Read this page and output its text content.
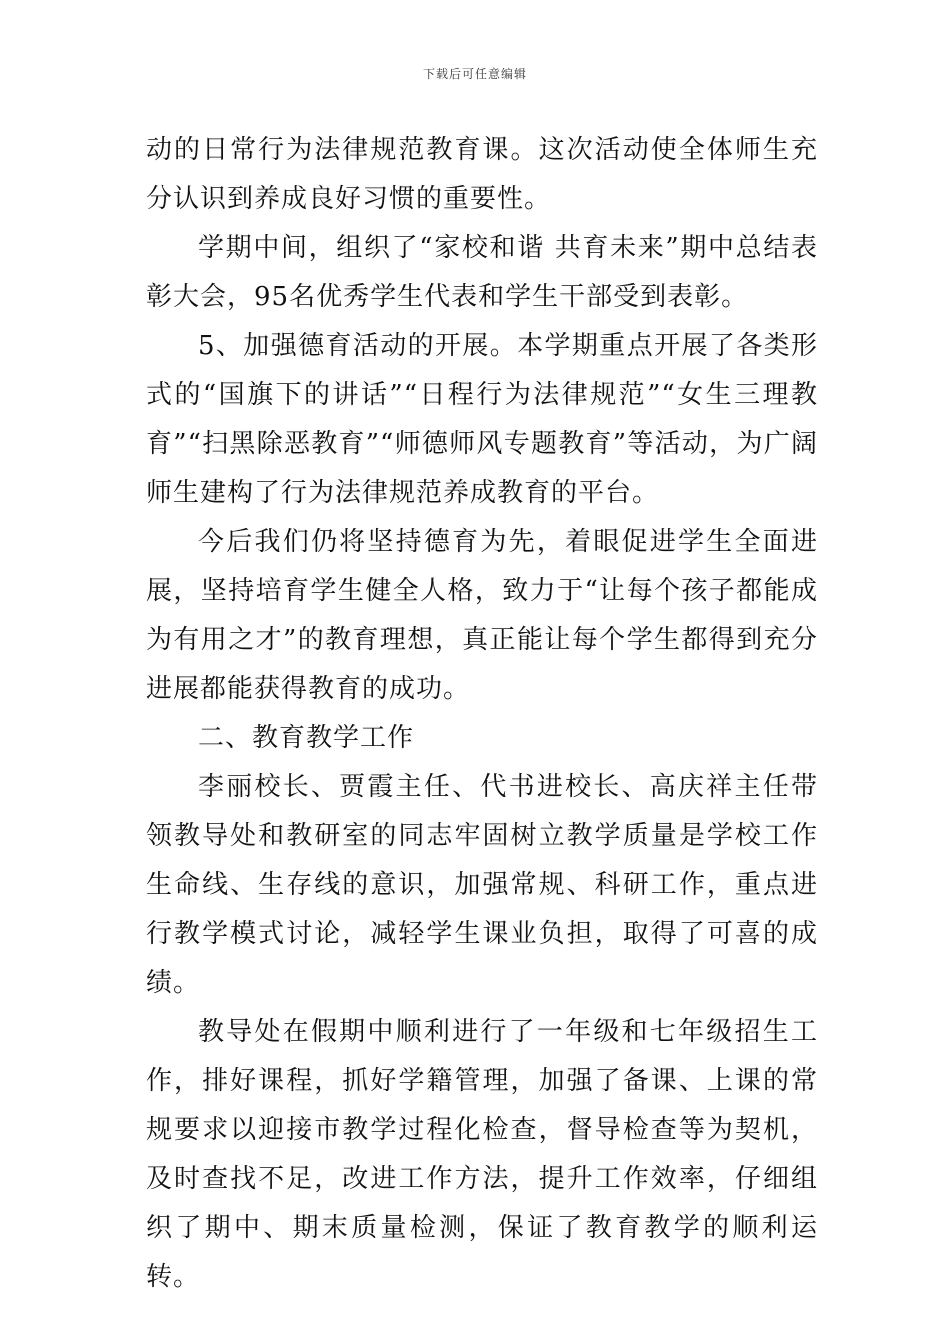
下载后可任意编辑

动的日常行为法律规范教育课。这次活动使全体师生充分认识到养成良好习惯的重要性。

学期中间，组织了“家校和谐 共育未来”期中总结表彰大会，95名优秀学生代表和学生干部受到表彰。

5、加强德育活动的开展。本学期重点开展了各类形式的“国旗下的讲话”“日程行为法律规范”“女生三理教育”“扫黑除恶教育”“师德师风专题教育”等活动，为广阔师生建构了行为法律规范养成教育的平台。

今后我们仍将坚持德育为先，着眼促进学生全面进展，坚持培育学生健全人格，致力于“让每个孩子都能成为有用之才”的教育理想，真正能让每个学生都得到充分进展都能获得教育的成功。

二、教育教学工作

李丽校长、贾霞主任、代书进校长、高庆祥主任带领教导处和教研室的同志牢固树立教学质量是学校工作生命线、生存线的意识，加强常规、科研工作，重点进行教学模式讨论，减轻学生课业负担，取得了可喜的成绩。

教导处在假期中顺利进行了一年级和七年级招生工作，排好课程，抓好学籍管理，加强了备课、上课的常规要求以迎接市教学过程化检查，督导检查等为契机，及时查找不足，改进工作方法，提升工作效率，仔细组织了期中、期末质量检测，保证了教育教学的顺利运转。
